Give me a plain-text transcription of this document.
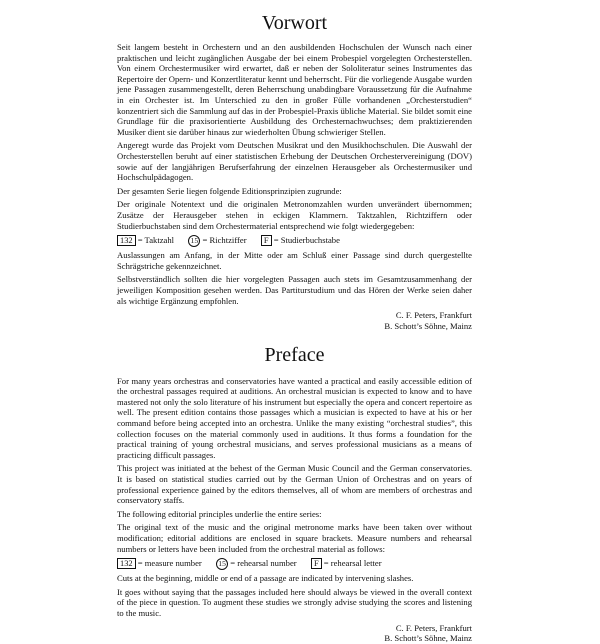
Vorwort

Seit langem besteht in Orchestern und an den ausbildenden Hochschulen der Wunsch nach einer praktischen und leicht zugänglichen Ausgabe der bei einem Probespiel vorgelegten Orchesterstellen. Von einem Orchestermusiker wird erwartet, daß er neben der Sololiteratur seines Instrumentes das Repertoire der Opern- und Konzertliteratur kennt und beherrscht. Für die vorliegende Ausgabe wurden jene Passagen zusammengestellt, deren Beherrschung unabdingbare Voraussetzung für die Aufnahme in ein Orchester ist. Im Unterschied zu den in großer Fülle vorhandenen „Orchesterstudien“ konzentriert sich die Sammlung auf das in der Probespiel-Praxis übliche Material. Sie bildet somit eine Grundlage für die praxisorientierte Ausbildung des Orchesternachwuchses; dem praktizierenden Musiker dient sie darüber hinaus zur wiederholten Übung schwieriger Stellen.

Angeregt wurde das Projekt vom Deutschen Musikrat und den Musikhochschulen. Die Auswahl der Orchesterstellen beruht auf einer statistischen Erhebung der Deutschen Orchestervereinigung (DOV) sowie auf der langjährigen Berufserfahrung der einzelnen Herausgeber als Orchestermusiker und Hochschulpädagogen.

Der gesamten Serie liegen folgende Editionsprinzipien zugrunde:

Der originale Notentext und die originalen Metronomzahlen wurden unverändert übernommen; Zusätze der Herausgeber stehen in eckigen Klammern. Taktzahlen, Richtziffern oder Studierbuchstaben sind dem Orchestermaterial entsprechend wie folgt wiedergegeben:

132 = Taktzahl 15 = Richtziffer F = Studierbuchstabe

Auslassungen am Anfang, in der Mitte oder am Schluß einer Passage sind durch quergestellte Schrägstriche gekennzeichnet.

Selbstverständlich sollten die hier vorgelegten Passagen auch stets im Gesamtzusammenhang der jeweiligen Komposition gesehen werden. Das Partiturstudium und das Hören der Werke seien daher als wichtige Ergänzung empfohlen.

C. F. Peters, Frankfurt
B. Schott’s Söhne, Mainz
Preface

For many years orchestras and conservatories have wanted a practical and easily accessible edition of the orchestral passages required at auditions. An orchestral musician is expected to know and to have mastered not only the solo literature of his instrument but especially the opera and concert repertoire as well. The present edition contains those passages which a musician is expected to have at his or her command before being accepted into an orchestra. Unlike the many existing “orchestral studies”, this collection focuses on the material commonly used in auditions. It thus forms a foundation for the practical training of young orchestral musicians, and serves professional musicians as a means of practicing difficult passages.

This project was initiated at the behest of the German Music Council and the German conservatories. It is based on statistical studies carried out by the German Union of Orchestras and on years of professional experience gained by the editors themselves, all of whom are members of orchestras and conservatory staffs.

The following editorial principles underlie the entire series:

The original text of the music and the original metronome marks have been taken over without modification; editorial additions are enclosed in square brackets. Measure numbers and rehearsal numbers or letters have been included from the orchestral material as follows:

132 = measure number 15 = rehearsal number F = rehearsal letter

Cuts at the beginning, middle or end of a passage are indicated by intervening slashes.

It goes without saying that the passages included here should always be viewed in the overall context of the piece in question. To augment these studies we strongly advise studying the scores and listening to the music.

C. F. Peters, Frankfurt
B. Schott’s Söhne, Mainz
